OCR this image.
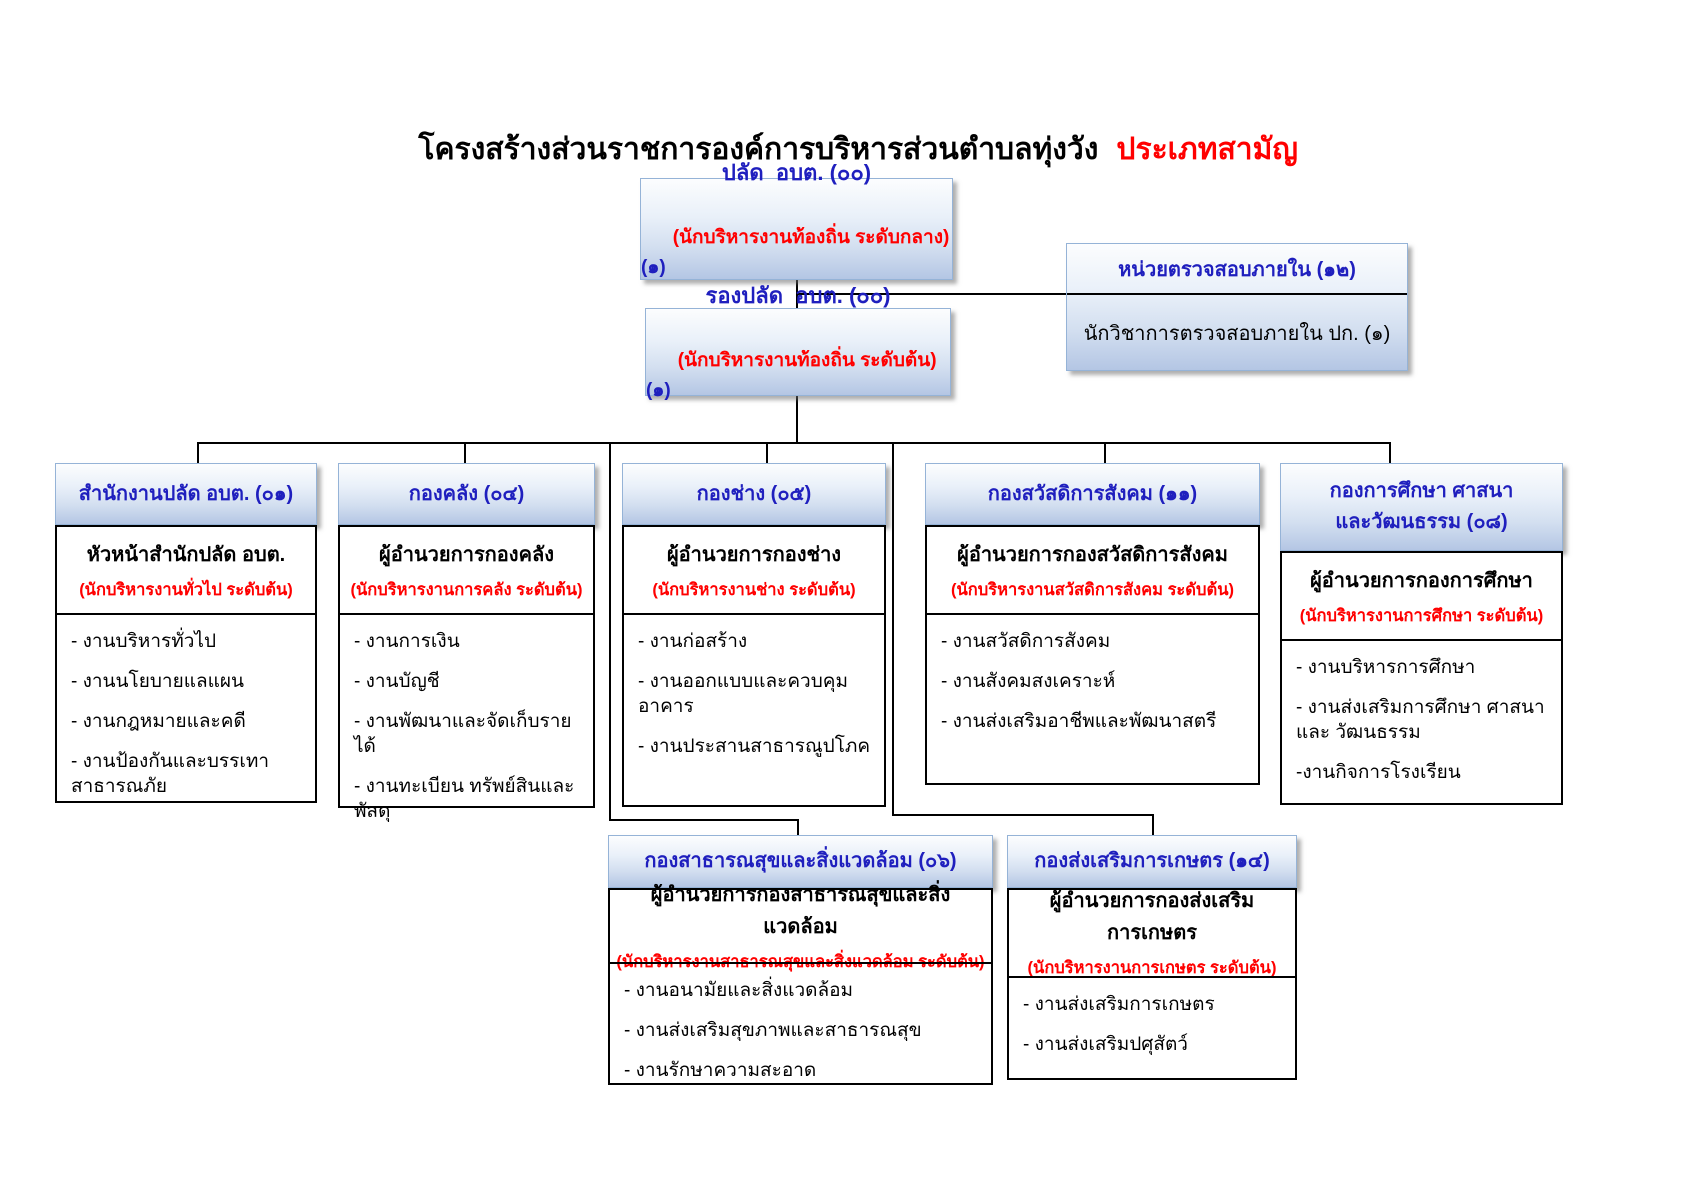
โครงสร้างส่วนราชการองค์การบริหารส่วนตำบลทุ่งวัง ประเภทสามัญ

ปลัด  อบต. (๐๐)

(นักบริหารงานท้องถิ่น ระดับกลาง) (๑)

รองปลัด  อบต. (๐๐)

(นักบริหารงานท้องถิ่น ระดับต้น) (๑)

หน่วยตรวจสอบภายใน (๑๒)
นักวิชาการตรวจสอบภายใน ปก. (๑)
สำนักงานปลัด อบต. (๐๑)
หัวหน้าสำนักปลัด อบต.
(นักบริหารงานทั่วไป ระดับต้น)
- งานบริหารทั่วไป
- งานนโยบายแลแผน
- งานกฎหมายและคดี
- งานป้องกันและบรรเทาสาธารณภัย
กองคลัง (๐๔)
ผู้อำนวยการกองคลัง
(นักบริหารงานการคลัง ระดับต้น)
- งานการเงิน
- งานบัญชี
- งานพัฒนาและจัดเก็บรายได้
- งานทะเบียน ทรัพย์สินและพัสดุ
กองช่าง (๐๕)
ผู้อำนวยการกองช่าง
(นักบริหารงานช่าง ระดับต้น)
- งานก่อสร้าง
- งานออกแบบและควบคุมอาคาร
- งานประสานสาธารณูปโภค
กองสวัสดิการสังคม (๑๑)
ผู้อำนวยการกองสวัสดิการสังคม
(นักบริหารงานสวัสดิการสังคม ระดับต้น)
- งานสวัสดิการสังคม
- งานสังคมสงเคราะห์
- งานส่งเสริมอาชีพและพัฒนาสตรี
กองการศึกษา ศาสนา
และวัฒนธรรม (๐๘)
ผู้อำนวยการกองการศึกษา
(นักบริหารงานการศึกษา ระดับต้น)
- งานบริหารการศึกษา
- งานส่งเสริมการศึกษา ศาสนาและ วัฒนธรรม
-งานกิจการโรงเรียน
กองสาธารณสุขและสิ่งแวดล้อม (๐๖)
ผู้อำนวยการกองสาธารณสุขและสิ่งแวดล้อม
(นักบริหารงานสาธารณสุขและสิ่งแวดล้อม ระดับต้น)
- งานอนามัยและสิ่งแวดล้อม
- งานส่งเสริมสุขภาพและสาธารณสุข
- งานรักษาความสะอาด
กองส่งเสริมการเกษตร (๑๔)
ผู้อำนวยการกองส่งเสริมการเกษตร
(นักบริหารงานการเกษตร ระดับต้น)
- งานส่งเสริมการเกษตร
- งานส่งเสริมปศุสัตว์
